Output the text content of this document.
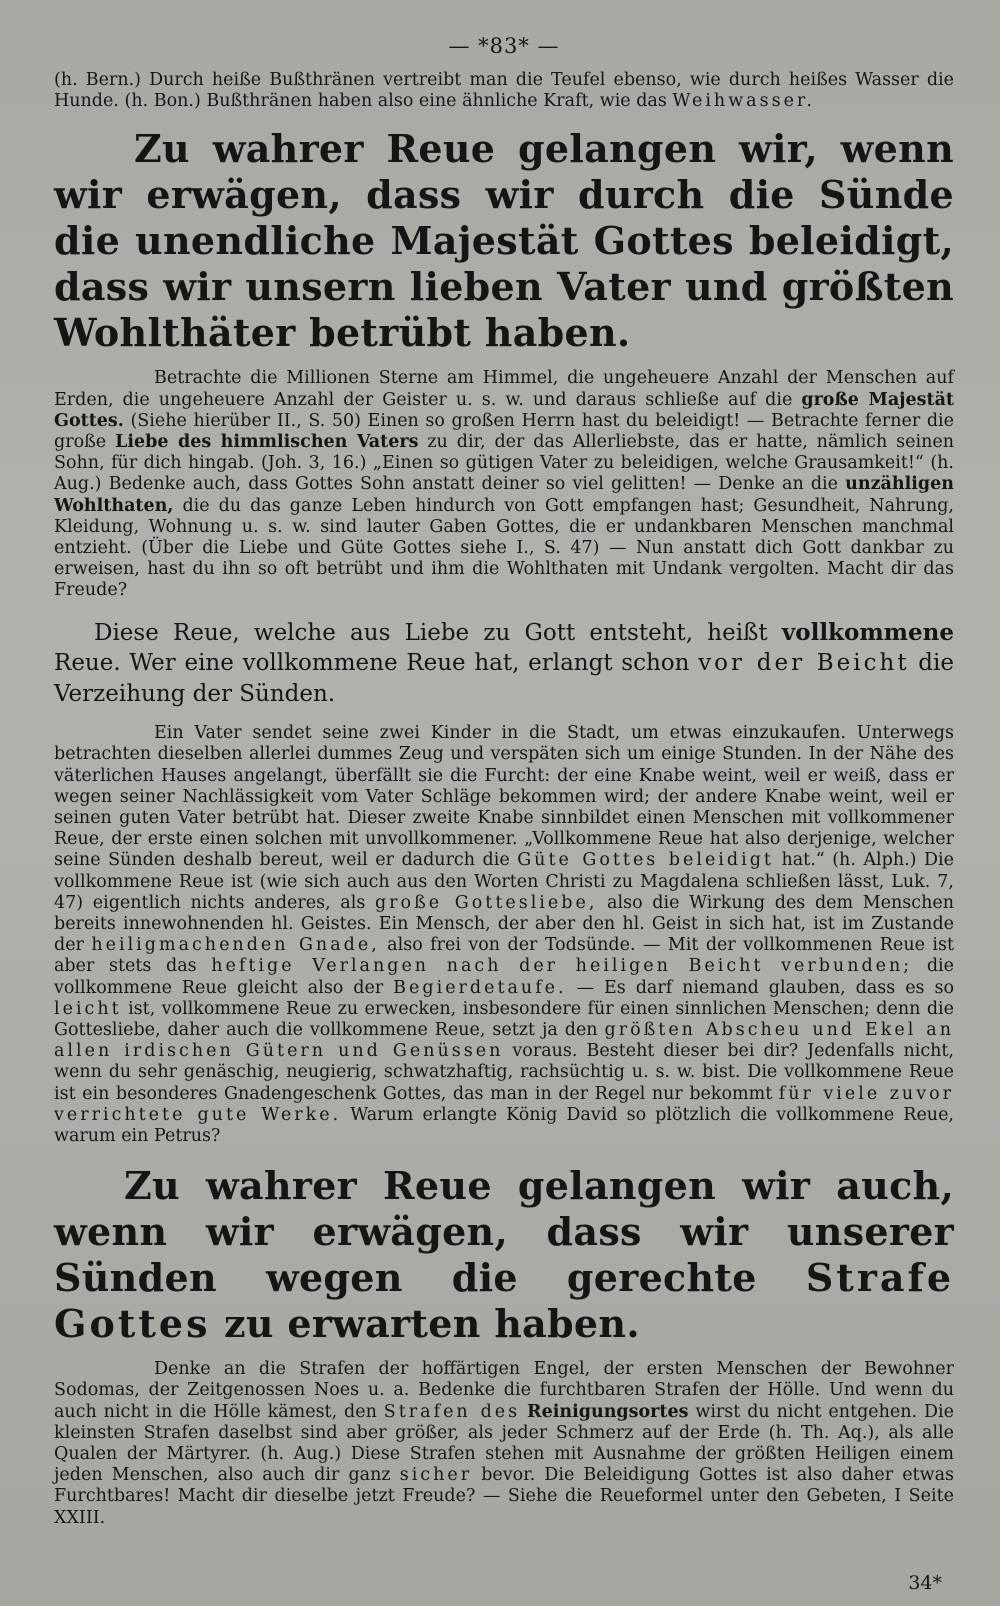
— *83* —

(h. Bern.) Durch heiße Bußthränen vertreibt man die Teufel ebenso, wie durch heißes Wasser die Hunde. (h. Bon.) Bußthränen haben also eine ähnliche Kraft, wie das Weihwasser.

Zu wahrer Reue gelangen wir, wenn wir erwägen, dass wir durch die Sünde die unendliche Majestät Gottes beleidigt, dass wir unsern lieben Vater und größten Wohlthäter betrübt haben.

Betrachte die Millionen Sterne am Himmel, die ungeheuere Anzahl der Menschen auf Erden, die ungeheuere Anzahl der Geister u. s. w. und daraus schließe auf die große Majestät Gottes. (Siehe hierüber II., S. 50) Einen so großen Herrn hast du beleidigt! — Betrachte ferner die große Liebe des himmlischen Vaters zu dir, der das Allerliebste, das er hatte, nämlich seinen Sohn, für dich hingab. (Joh. 3, 16.) „Einen so gütigen Vater zu beleidigen, welche Grausamkeit!“ (h. Aug.) Bedenke auch, dass Gottes Sohn anstatt deiner so viel gelitten! — Denke an die unzähligen Wohlthaten, die du das ganze Leben hindurch von Gott empfangen hast; Gesundheit, Nahrung, Kleidung, Wohnung u. s. w. sind lauter Gaben Gottes, die er undankbaren Menschen manchmal entzieht. (Über die Liebe und Güte Gottes siehe I., S. 47) — Nun anstatt dich Gott dankbar zu erweisen, hast du ihn so oft betrübt und ihm die Wohlthaten mit Undank vergolten. Macht dir das Freude?

Diese Reue, welche aus Liebe zu Gott entsteht, heißt vollkommene Reue. Wer eine vollkommene Reue hat, erlangt schon vor der Beicht die Verzeihung der Sünden.

Ein Vater sendet seine zwei Kinder in die Stadt, um etwas einzukaufen. Unterwegs betrachten dieselben allerlei dummes Zeug und verspäten sich um einige Stunden. In der Nähe des väterlichen Hauses angelangt, überfällt sie die Furcht: der eine Knabe weint, weil er weiß, dass er wegen seiner Nachlässigkeit vom Vater Schläge bekommen wird; der andere Knabe weint, weil er seinen guten Vater betrübt hat. Dieser zweite Knabe sinnbildet einen Menschen mit vollkommener Reue, der erste einen solchen mit unvollkommener. „Vollkommene Reue hat also derjenige, welcher seine Sünden deshalb bereut, weil er dadurch die Güte Gottes beleidigt hat.“ (h. Alph.) Die vollkommene Reue ist (wie sich auch aus den Worten Christi zu Magdalena schließen lässt, Luk. 7, 47) eigentlich nichts anderes, als große Gottesliebe, also die Wirkung des dem Menschen bereits innewohnenden hl. Geistes. Ein Mensch, der aber den hl. Geist in sich hat, ist im Zustande der heiligmachenden Gnade, also frei von der Todsünde. — Mit der vollkommenen Reue ist aber stets das heftige Verlangen nach der heiligen Beicht verbunden; die vollkommene Reue gleicht also der Begierdetaufe. — Es darf niemand glauben, dass es so leicht ist, vollkommene Reue zu erwecken, insbesondere für einen sinnlichen Menschen; denn die Gottesliebe, daher auch die vollkommene Reue, setzt ja den größten Abscheu und Ekel an allen irdischen Gütern und Genüssen voraus. Besteht dieser bei dir? Jedenfalls nicht, wenn du sehr genäschig, neugierig, schwatzhaftig, rachsüchtig u. s. w. bist. Die vollkommene Reue ist ein besonderes Gnadengeschenk Gottes, das man in der Regel nur bekommt für viele zuvor verrichtete gute Werke. Warum erlangte König David so plötzlich die vollkommene Reue, warum ein Petrus?

Zu wahrer Reue gelangen wir auch, wenn wir erwägen, dass wir unserer Sünden wegen die gerechte Strafe Gottes zu erwarten haben.

Denke an die Strafen der hoffärtigen Engel, der ersten Menschen der Bewohner Sodomas, der Zeitgenossen Noes u. a. Bedenke die furchtbaren Strafen der Hölle. Und wenn du auch nicht in die Hölle kämest, den Strafen des Reinigungsortes wirst du nicht entgehen. Die kleinsten Strafen daselbst sind aber größer, als jeder Schmerz auf der Erde (h. Th. Aq.), als alle Qualen der Märtyrer. (h. Aug.) Diese Strafen stehen mit Ausnahme der größten Heiligen einem jeden Menschen, also auch dir ganz sicher bevor. Die Beleidigung Gottes ist also daher etwas Furchtbares! Macht dir dieselbe jetzt Freude? — Siehe die Reueformel unter den Gebeten, I Seite XXIII.

34*
